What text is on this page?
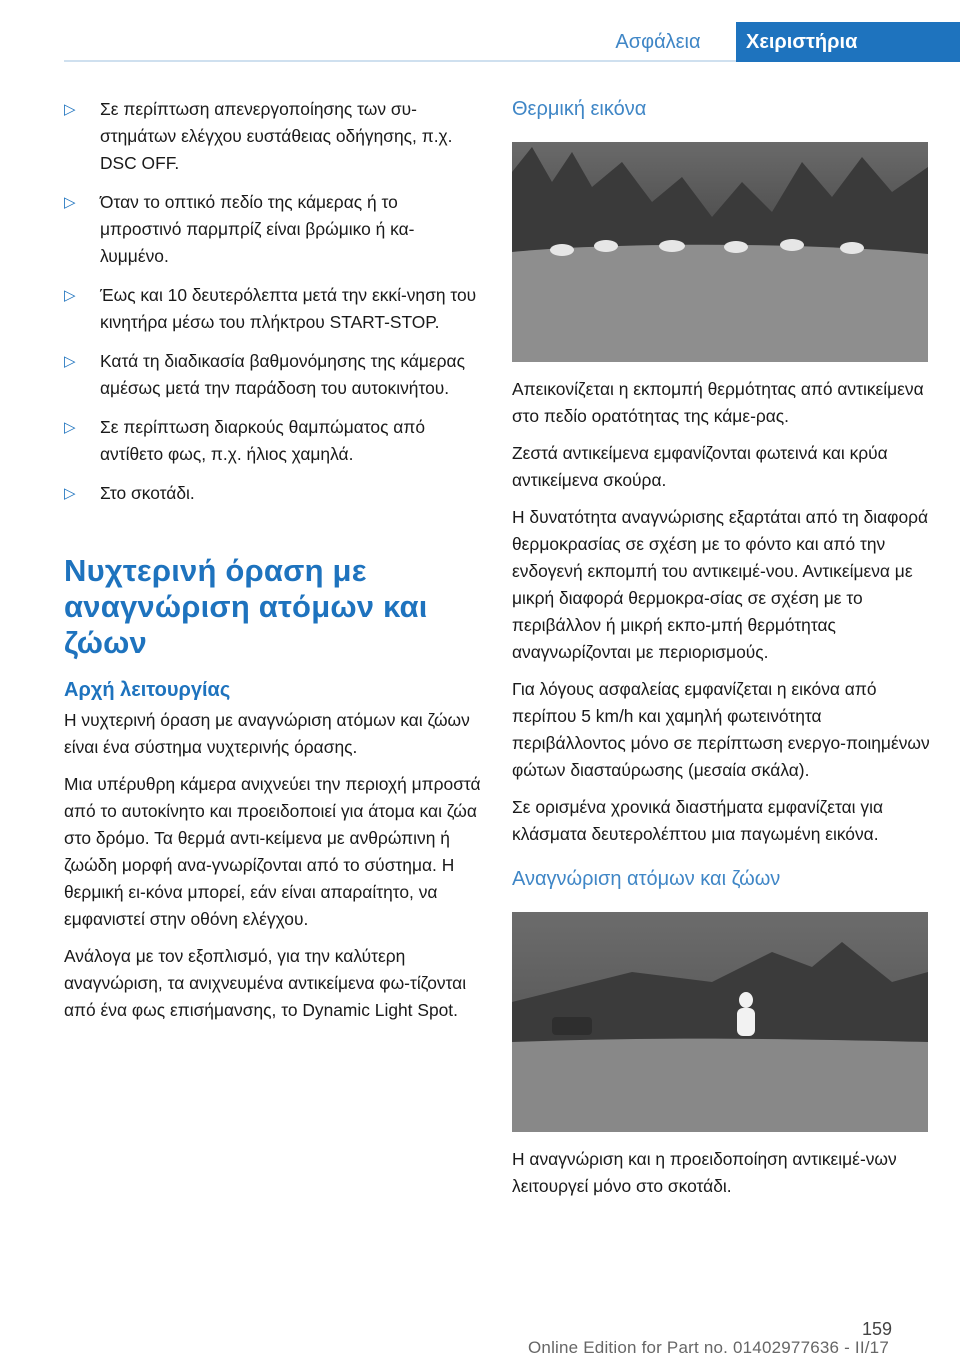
Ασφάλεια	Χειριστήρια
▷ Σε περίπτωση απενεργοποίησης των συ-στημάτων ελέγχου ευστάθειας οδήγησης, π.χ. DSC OFF.
▷ Όταν το οπτικό πεδίο της κάμερας ή το μπροστινό παρμπρίζ είναι βρώμικο ή κα-λυμμένο.
▷ Έως και 10 δευτερόλεπτα μετά την εκκί-νηση του κινητήρα μέσω του πλήκτρου START-STOP.
▷ Κατά τη διαδικασία βαθμονόμησης της κάμερας αμέσως μετά την παράδοση του αυτοκινήτου.
▷ Σε περίπτωση διαρκούς θαμπώματος από αντίθετο φως, π.χ. ήλιος χαμηλά.
▷ Στο σκοτάδι.
Νυχτερινή όραση με αναγνώριση ατόμων και ζώων
Αρχή λειτουργίας

Η νυχτερινή όραση με αναγνώριση ατόμων και ζώων είναι ένα σύστημα νυχτερινής όρασης.

Μια υπέρυθρη κάμερα ανιχνεύει την περιοχή μπροστά από το αυτοκίνητο και προειδοποιεί για άτομα και ζώα στο δρόμο. Τα θερμά αντι-κείμενα με ανθρώπινη ή ζωώδη μορφή ανα-γνωρίζονται από το σύστημα. Η θερμική ει-κόνα μπορεί, εάν είναι απαραίτητο, να εμφανιστεί στην οθόνη ελέγχου.

Ανάλογα με τον εξοπλισμό, για την καλύτερη αναγνώριση, τα ανιχνευμένα αντικείμενα φω-τίζονται από ένα φως επισήμανσης, το Dynamic Light Spot.

Θερμική εικόνα

Απεικονίζεται η εκπομπή θερμότητας από αντικείμενα στο πεδίο ορατότητας της κάμε-ρας.

Ζεστά αντικείμενα εμφανίζονται φωτεινά και κρύα αντικείμενα σκούρα.

Η δυνατότητα αναγνώρισης εξαρτάται από τη διαφορά θερμοκρασίας σε σχέση με το φόντο και από την ενδογενή εκπομπή του αντικειμέ-νου. Αντικείμενα με μικρή διαφορά θερμοκρα-σίας σε σχέση με το περιβάλλον ή μικρή εκπο-μπή θερμότητας αναγνωρίζονται με περιορισμούς.

Για λόγους ασφαλείας εμφανίζεται η εικόνα από περίπου 5 km/h και χαμηλή φωτεινότητα περιβάλλοντος μόνο σε περίπτωση ενεργο-ποιημένων φώτων διασταύρωσης (μεσαία σκάλα).

Σε ορισμένα χρονικά διαστήματα εμφανίζεται για κλάσματα δευτερολέπτου μια παγωμένη εικόνα.

Αναγνώριση ατόμων και ζώων

Η αναγνώριση και η προειδοποίηση αντικειμέ-νων λειτουργεί μόνο στο σκοτάδι.

159
Online Edition for Part no. 01402977636 - II/17
